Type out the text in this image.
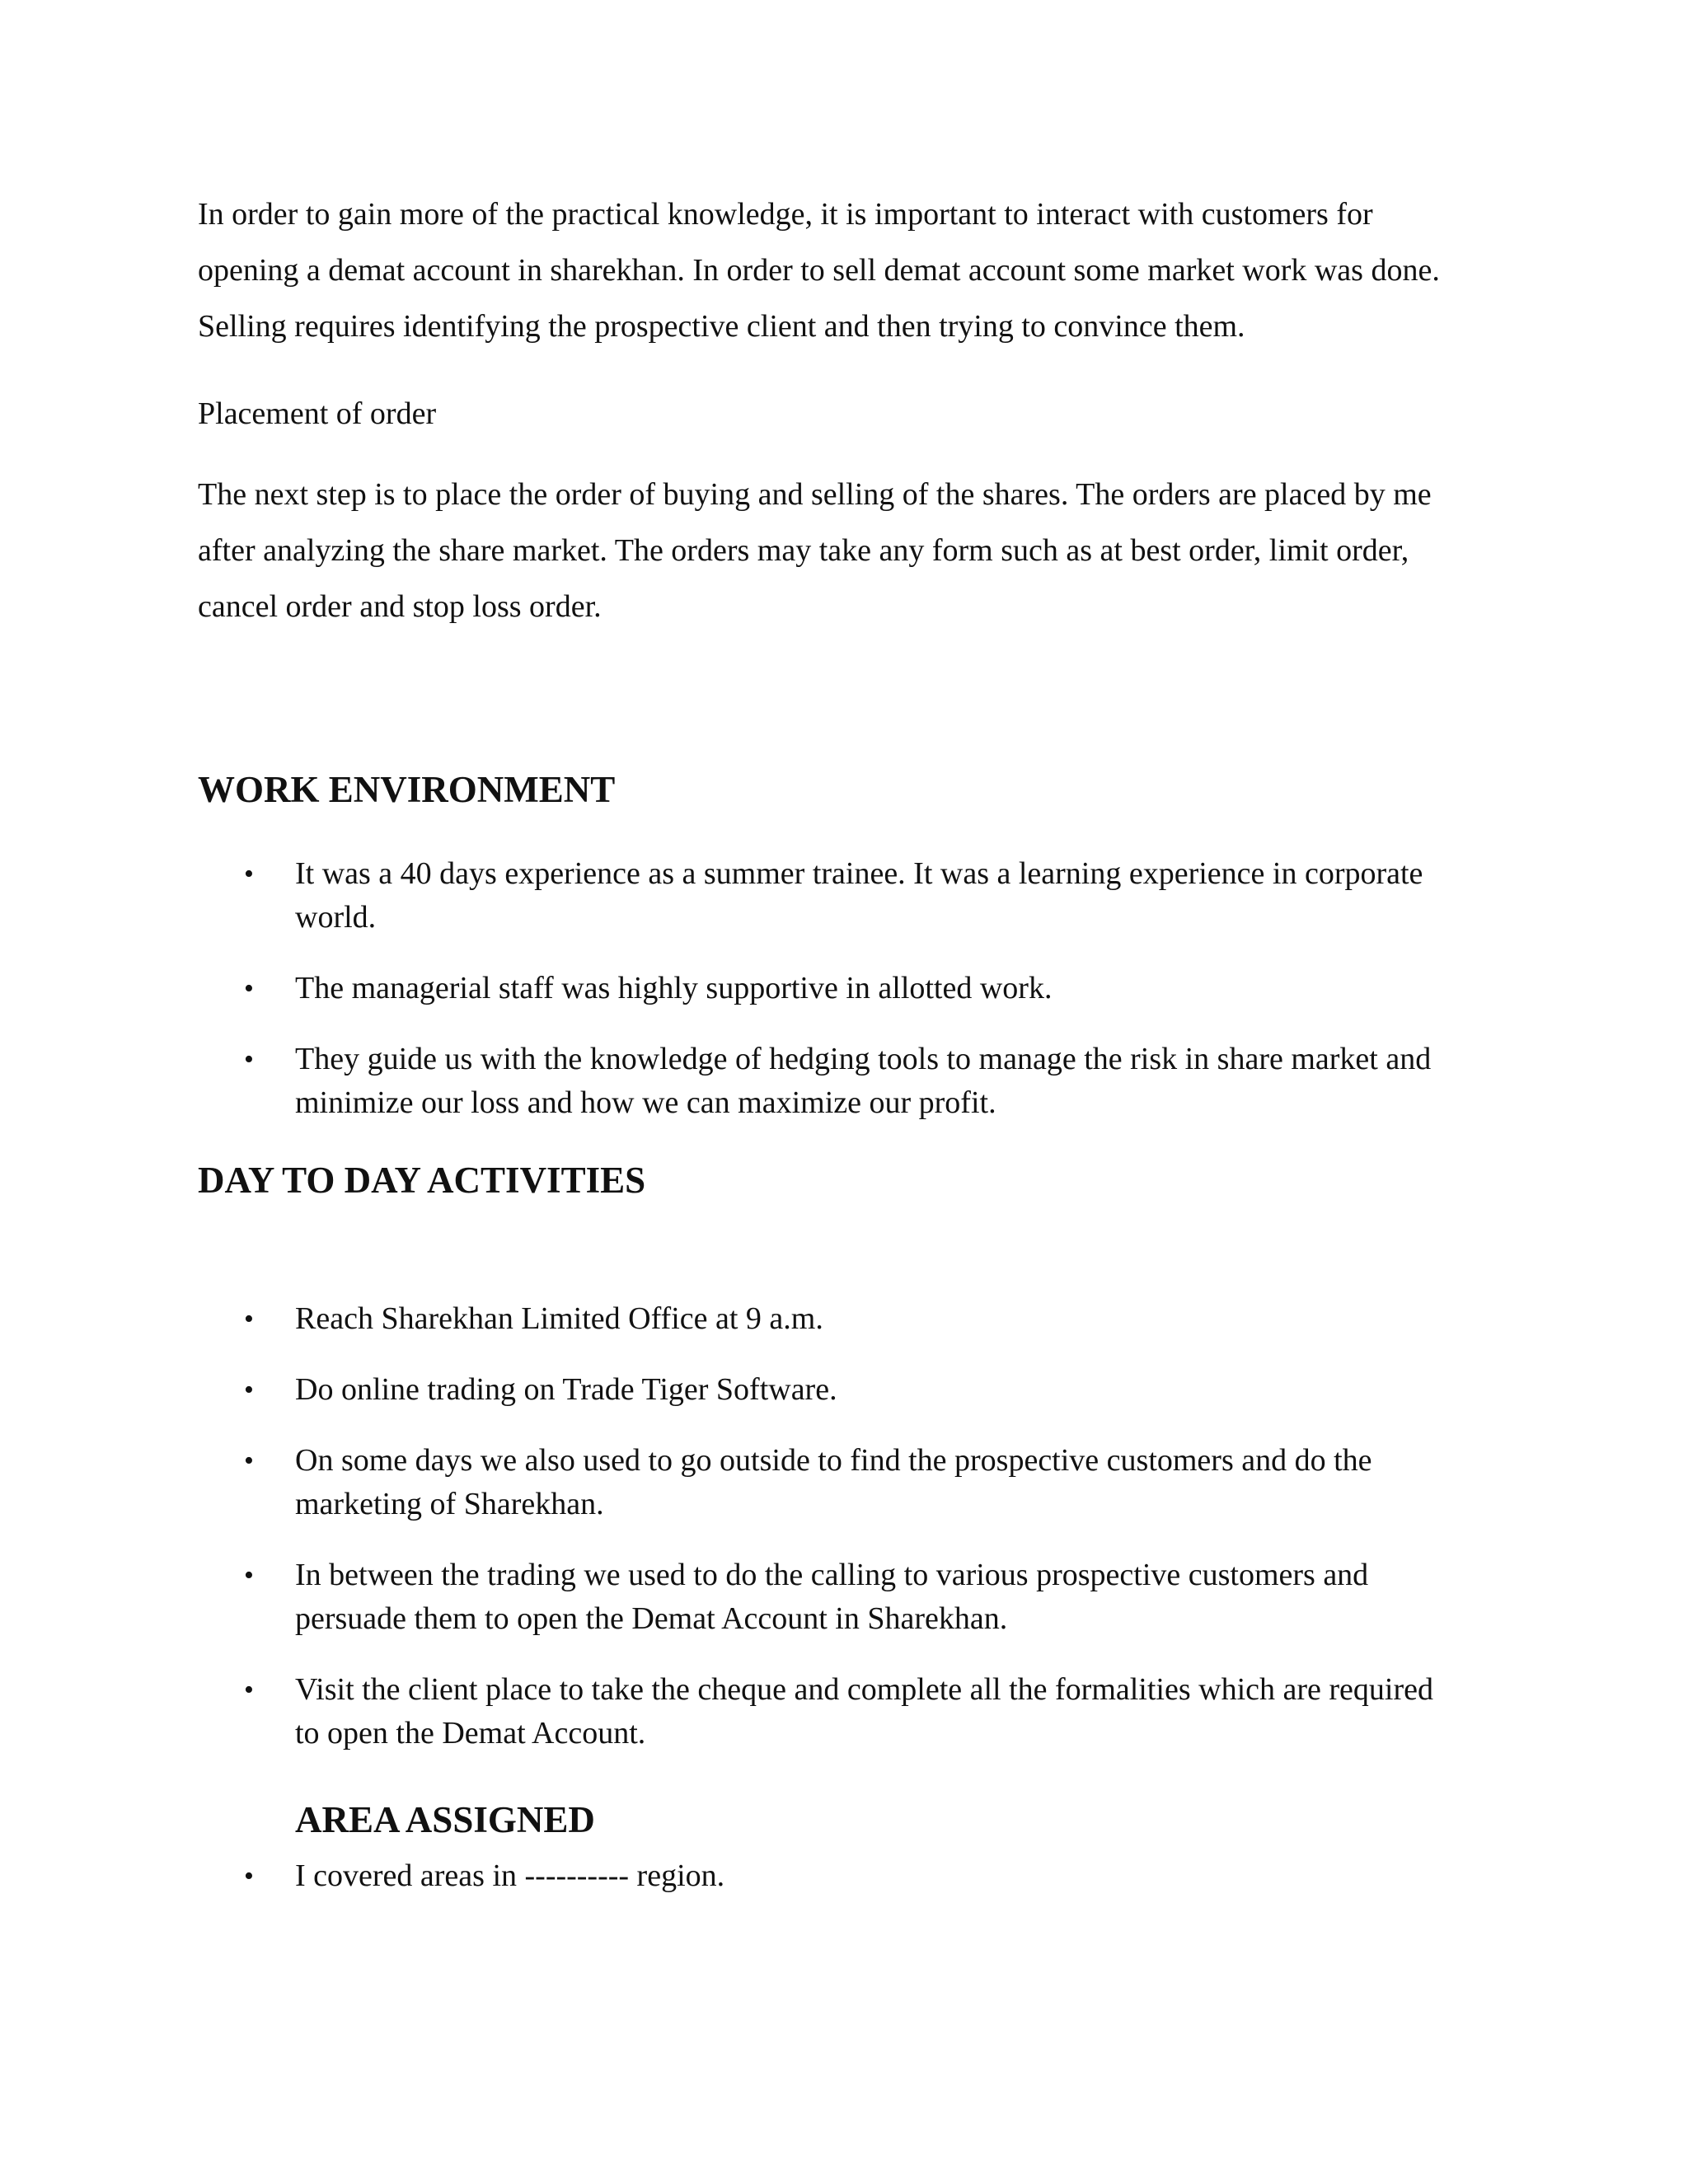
In order to gain more of the practical knowledge, it is important to interact with customers for opening a demat account in sharekhan. In order to sell demat account some market work was done. Selling requires identifying the prospective client and then trying to convince them.

Placement of order

The next step is to place the order of buying and selling of the shares. The orders are placed by me after analyzing the share market. The orders may take any form such as at best order, limit order, cancel order and stop loss order.

WORK ENVIRONMENT
• It was a 40 days experience as a summer trainee. It was a learning experience in corporate world.
• The managerial staff was highly supportive in allotted work.
• They guide us with the knowledge of hedging tools to manage the risk in share market and minimize our loss and how we can maximize our profit.
DAY TO DAY ACTIVITIES
• Reach Sharekhan Limited Office at 9 a.m.
• Do online trading on Trade Tiger Software.
• On some days we also used to go outside to find the prospective customers and do the marketing of Sharekhan.
• In between the trading we used to do the calling to various prospective customers and persuade them to open the Demat Account in Sharekhan.
• Visit the client place to take the cheque and complete all the formalities which are required to open the Demat Account.
AREA ASSIGNED
• I covered areas in ---------- region.
